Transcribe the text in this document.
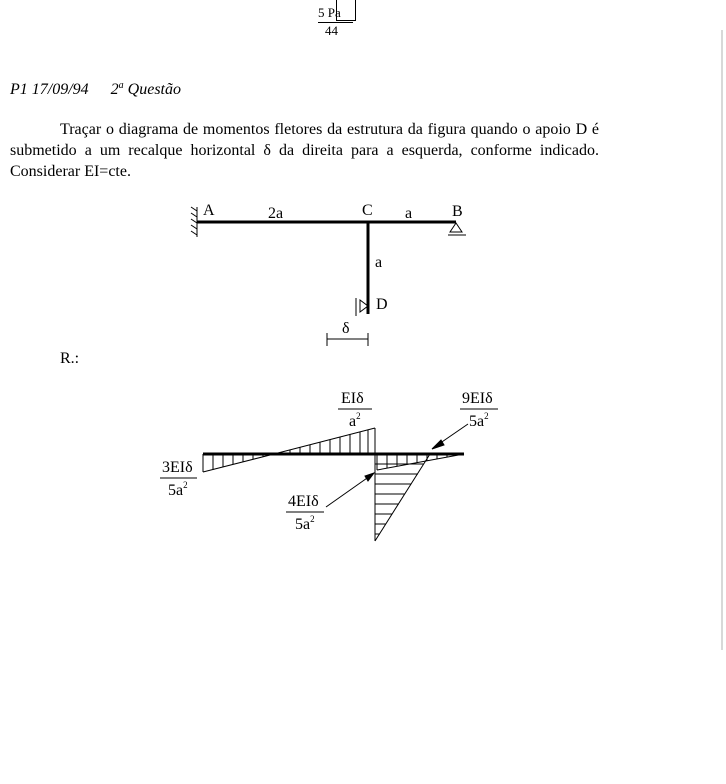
5 Pa
44
P1 17/09/94 2$^a$ Questão
Traçar o diagrama de momentos fletores da estrutura da figura quando o apoio D é submetido a um recalque horizontal δ da direita para a esquerda, conforme indicado. Considerar EI=cte.
A	2a	C a B
a
D
δ
EIδ
$a^2$
9EIδ
$5a^2$
3EIδ
$5a^2$
4EIδ
$5a^2$
R.:
